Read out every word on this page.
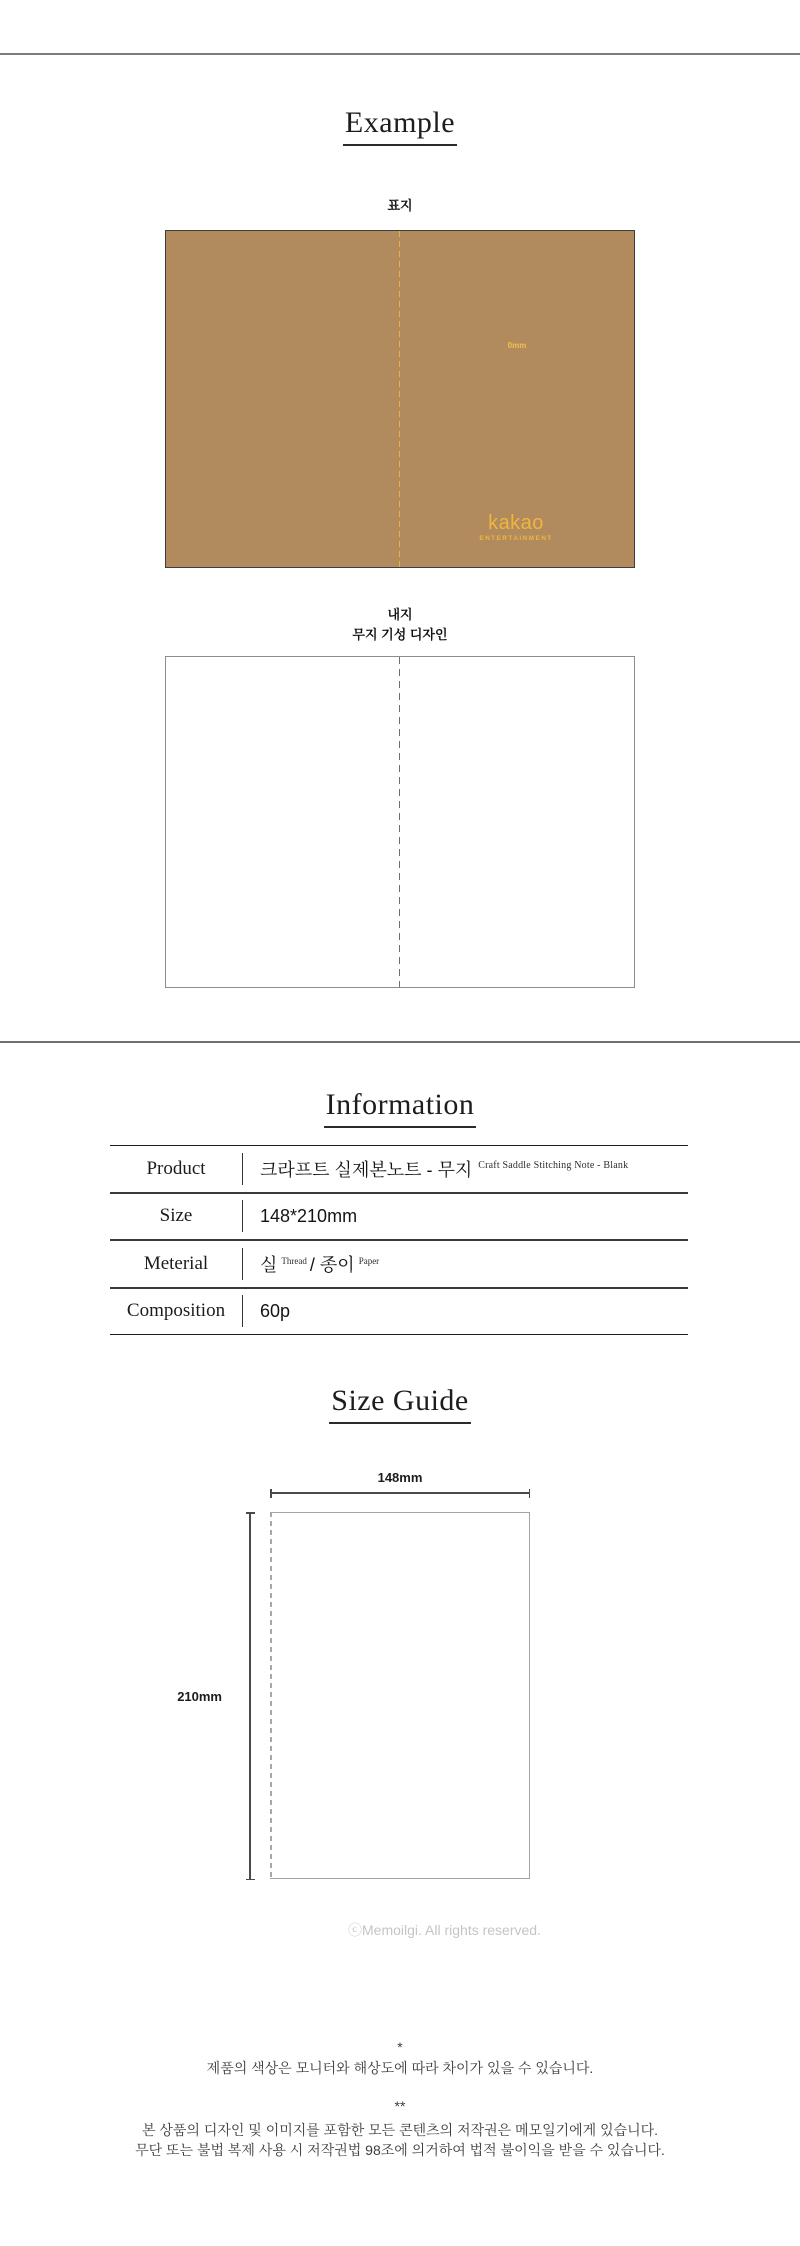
Example
표지
0mm
kakao
ENTERTAINMENT
내지
무지 기성 디자인
Information
Product	크라프트 실제본노트 - 무지 $^{Craft Saddle Stitching Note - Blank}$
Size	148*210mm
Meterial	실 $^{Thread}$ / 종이 $^{Paper}$
Composition	60p
Size Guide
148mm
210mm
ⓒMemoilgi. All rights reserved.
*
제품의 색상은 모니터와 해상도에 따라 차이가 있을 수 있습니다.
**
본 상품의 디자인 및 이미지를 포함한 모든 콘텐츠의 저작권은 메모일기에게 있습니다.
무단 또는 불법 복제 사용 시 저작권법 98조에 의거하여 법적 불이익을 받을 수 있습니다.
